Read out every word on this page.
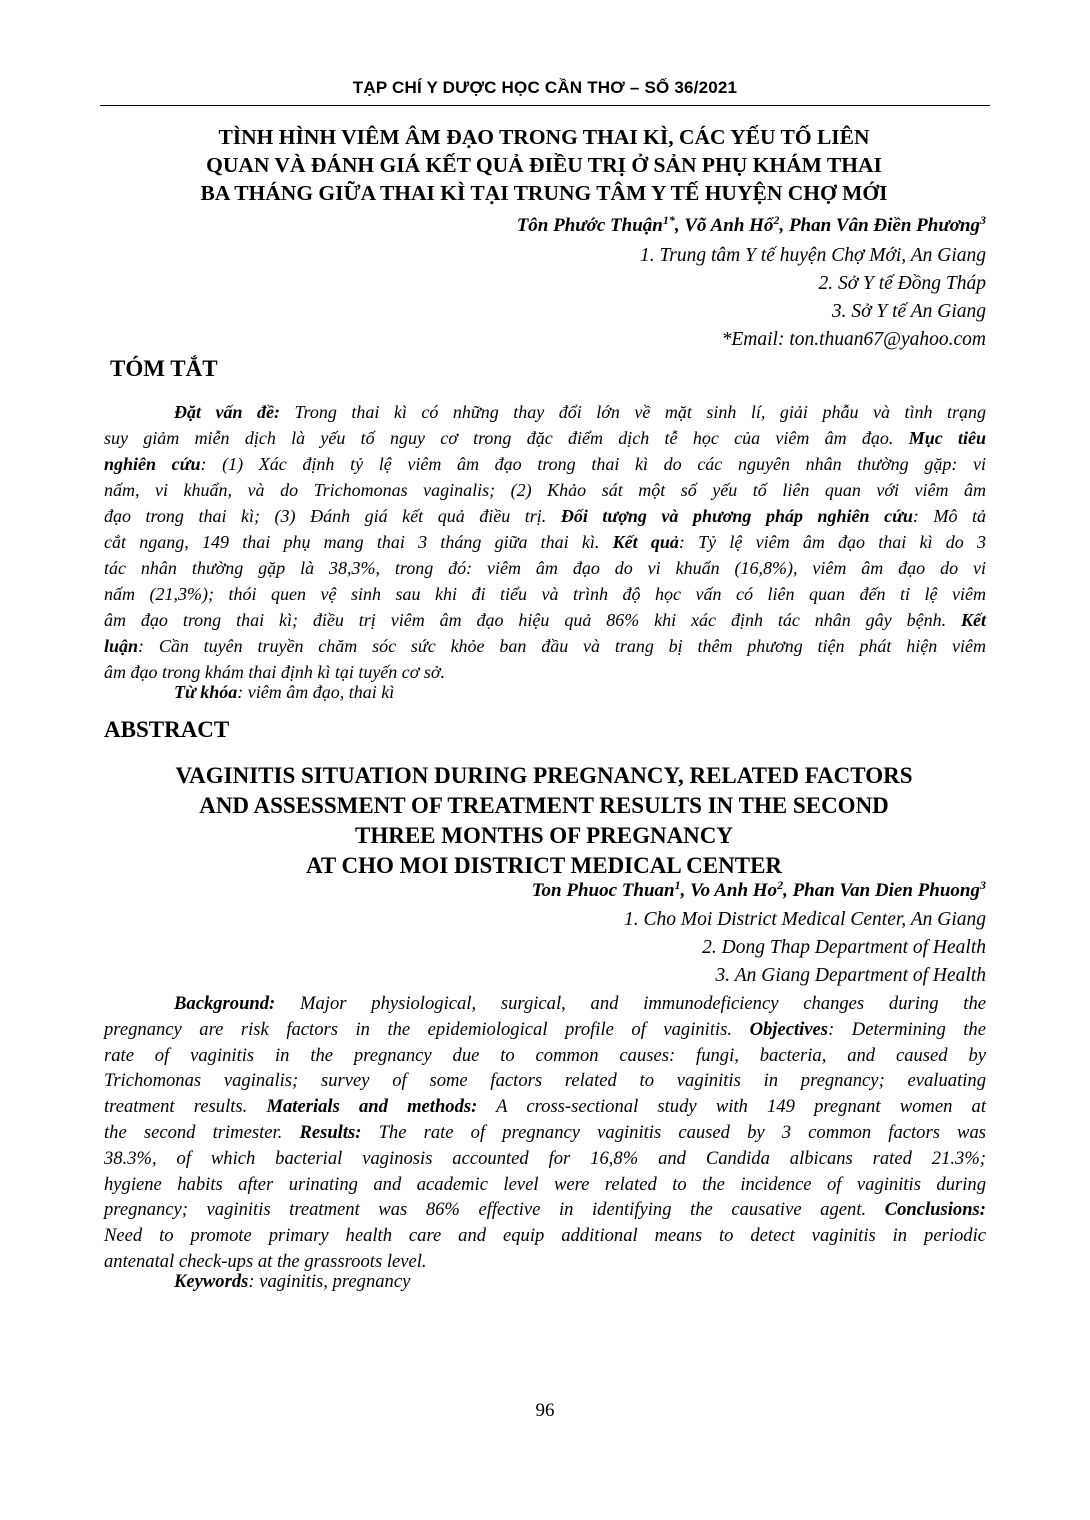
TẠP CHÍ Y DƯỢC HỌC CẦN THƠ – SỐ 36/2021
TÌNH HÌNH VIÊM ÂM ĐẠO TRONG THAI KÌ, CÁC YẾU TỐ LIÊN
QUAN VÀ ĐÁNH GIÁ KẾT QUẢ ĐIỀU TRỊ Ở SẢN PHỤ KHÁM THAI
BA THÁNG GIỮA THAI KÌ TẠI TRUNG TÂM Y TẾ HUYỆN CHỢ MỚI
Tôn Phước Thuận$^{1*}$, Võ Anh Hổ$^2$, Phan Vân Điền Phương$^3$
1. Trung tâm Y tế huyện Chợ Mới, An Giang
2. Sở Y tế Đồng Tháp
3. Sở Y tế An Giang
*Email: ton.thuan67@yahoo.com
TÓM TẮT
Đặt vấn đề: Trong thai kì có những thay đổi lớn về mặt sinh lí, giải phẫu và tình trạng
suy giảm miễn dịch là yếu tố nguy cơ trong đặc điểm dịch tễ học của viêm âm đạo. Mục tiêu
nghiên cứu: (1) Xác định tỷ lệ viêm âm đạo trong thai kì do các nguyên nhân thường gặp: vi
nấm, vi khuẩn, và do Trichomonas vaginalis; (2) Khảo sát một số yếu tố liên quan với viêm âm
đạo trong thai kì; (3) Đánh giá kết quả điều trị. Đối tượng và phương pháp nghiên cứu: Mô tả
cắt ngang, 149 thai phụ mang thai 3 tháng giữa thai kì. Kết quả: Tỷ lệ viêm âm đạo thai kì do 3
tác nhân thường gặp là 38,3%, trong đó: viêm âm đạo do vi khuẩn (16,8%), viêm âm đạo do vi
nấm (21,3%); thói quen vệ sinh sau khi đi tiểu và trình độ học vấn có liên quan đến tỉ lệ viêm
âm đạo trong thai kì; điều trị viêm âm đạo hiệu quả 86% khi xác định tác nhân gây bệnh. Kết
luận: Cần tuyên truyền chăm sóc sức khỏe ban đầu và trang bị thêm phương tiện phát hiện viêm
âm đạo trong khám thai định kì tại tuyến cơ sở.
Từ khóa: viêm âm đạo, thai kì
ABSTRACT
VAGINITIS SITUATION DURING PREGNANCY, RELATED FACTORS
AND ASSESSMENT OF TREATMENT RESULTS IN THE SECOND
THREE MONTHS OF PREGNANCY
AT CHO MOI DISTRICT MEDICAL CENTER
Ton Phuoc Thuan$^1$, Vo Anh Ho$^2$, Phan Van Dien Phuong$^3$
1. Cho Moi District Medical Center, An Giang
2. Dong Thap Department of Health
3. An Giang Department of Health
Background: Major physiological, surgical, and immunodeficiency changes during the
pregnancy are risk factors in the epidemiological profile of vaginitis. Objectives: Determining the
rate of vaginitis in the pregnancy due to common causes: fungi, bacteria, and caused by
Trichomonas vaginalis; survey of some factors related to vaginitis in pregnancy; evaluating
treatment results. Materials and methods: A cross-sectional study with 149 pregnant women at
the second trimester. Results: The rate of pregnancy vaginitis caused by 3 common factors was
38.3%, of which bacterial vaginosis accounted for 16,8% and Candida albicans rated 21.3%;
hygiene habits after urinating and academic level were related to the incidence of vaginitis during
pregnancy; vaginitis treatment was 86% effective in identifying the causative agent. Conclusions:
Need to promote primary health care and equip additional means to detect vaginitis in periodic
antenatal check-ups at the grassroots level.
Keywords: vaginitis, pregnancy
96
